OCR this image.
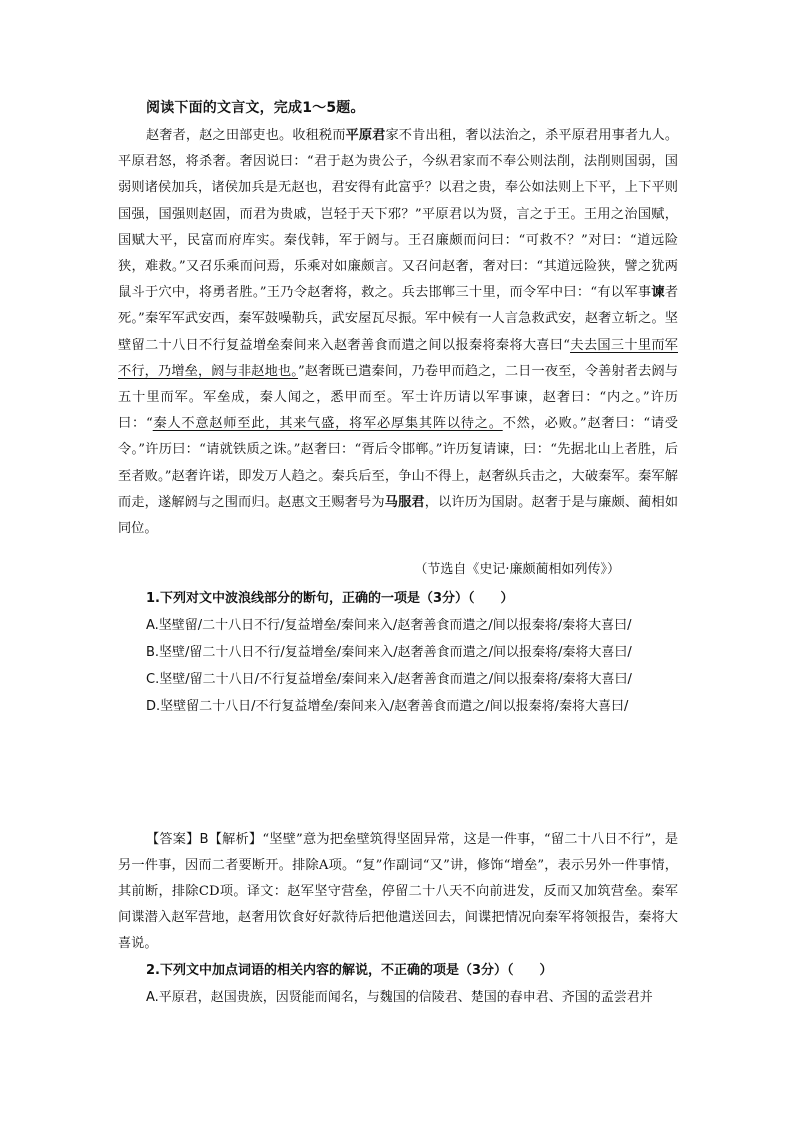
阅读下面的文言文，完成1～5题。

赵奢者，赵之田部吏也。收租税而平原君家不肯出租，奢以法治之，杀平原君用事者九人。平原君怒，将杀奢。奢因说曰：“君于赵为贵公子，今纵君家而不奉公则法削，法削则国弱，国弱则诸侯加兵，诸侯加兵是无赵也，君安得有此富乎？以君之贵，奉公如法则上下平，上下平则国强，国强则赵固，而君为贵戚，岂轻于天下邪？”平原君以为贤，言之于王。王用之治国赋，国赋大平，民富而府库实。秦伐韩，军于阏与。王召廉颇而问曰：“可救不？”对曰：“道远险狭，难救。”又召乐乘而问焉，乐乘对如廉颇言。又召问赵奢，奢对曰：“其道远险狭，譬之犹两鼠斗于穴中，将勇者胜。”王乃令赵奢将，救之。兵去邯郸三十里，而令军中曰：“有以军事谏者死。”秦军军武安西，秦军鼓噪勒兵，武安屋瓦尽振。军中候有一人言急救武安，赵奢立斩之。坚壁留二十八日不行复益增垒秦间来入赵奢善食而遣之间以报秦将秦将大喜曰“夫去国三十里而军不行，乃增垒，阏与非赵地也。”赵奢既已遣秦间，乃卷甲而趋之，二日一夜至，令善射者去阏与五十里而军。军垒成，秦人闻之，悉甲而至。军士许历请以军事谏，赵奢曰：“内之。”许历曰：“秦人不意赵师至此，其来气盛，将军必厚集其阵以待之。不然，必败。”赵奢曰：“请受令。”许历曰：“请就铁质之诛。”赵奢曰：“胥后令邯郸。”许历复请谏，曰：“先据北山上者胜，后至者败。”赵奢许诺，即发万人趋之。秦兵后至，争山不得上，赵奢纵兵击之，大破秦军。秦军解而走，遂解阏与之围而归。赵惠文王赐奢号为马服君，以许历为国尉。赵奢于是与廉颇、蔺相如同位。

（节选自《史记·廉颇蔺相如列传》）
1.下列对文中波浪线部分的断句，正确的一项是（3分）（　　）

A.坚壁留/二十八日不行/复益增垒/秦间来入/赵奢善食而遣之/间以报秦将/秦将大喜曰/

B.坚壁/留二十八日不行/复益增垒/秦间来入/赵奢善食而遣之/间以报秦将/秦将大喜曰/

C.坚壁/留二十八日/不行复益增垒/秦间来入/赵奢善食而遣之/间以报秦将/秦将大喜曰/

D.坚壁留二十八日/不行复益增垒/秦间来入/赵奢善食而遣之/间以报秦将/秦将大喜曰/

【答案】B【解析】“坚壁”意为把垒壁筑得坚固异常，这是一件事，“留二十八日不行”，是另一件事，因而二者要断开。排除A项。“复”作副词“又”讲，修饰“增垒”，表示另外一件事情，其前断，排除CD项。译文：赵军坚守营垒，停留二十八天不向前进发，反而又加筑营垒。秦军间谍潜入赵军营地，赵奢用饮食好好款待后把他遣送回去，间谍把情况向秦军将领报告，秦将大喜说。
2.下列文中加点词语的相关内容的解说，不正确的项是（3分）（　　）

A.平原君，赵国贵族，因贤能而闻名，与魏国的信陵君、楚国的春申君、齐国的孟尝君并
